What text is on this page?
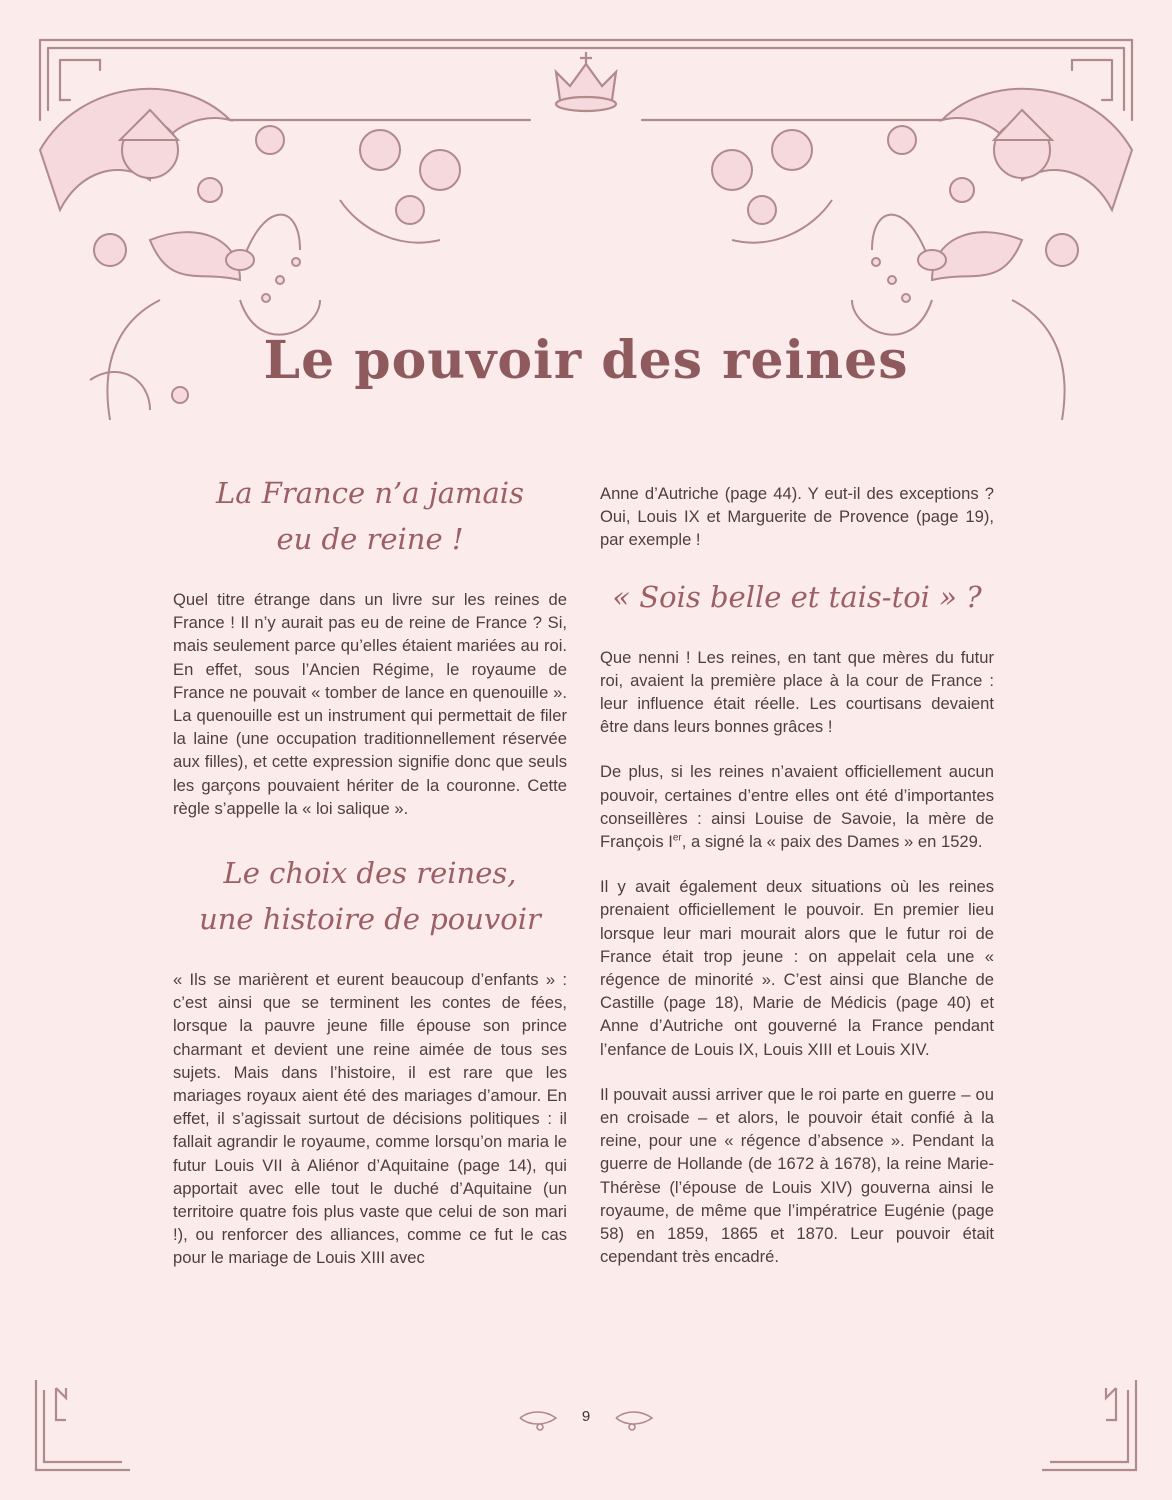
Le pouvoir des reines
La France n’a jamais
eu de reine !

Quel titre étrange dans un livre sur les reines de France ! Il n’y aurait pas eu de reine de France ? Si, mais seulement parce qu’elles étaient mariées au roi. En effet, sous l’Ancien Régime, le royaume de France ne pouvait « tomber de lance en quenouille ». La quenouille est un instrument qui permettait de filer la laine (une occupation traditionnellement réservée aux filles), et cette expression signifie donc que seuls les garçons pouvaient hériter de la couronne. Cette règle s’appelle la « loi salique ».

Le choix des reines,
une histoire de pouvoir

« Ils se marièrent et eurent beaucoup d’enfants » : c’est ainsi que se terminent les contes de fées, lorsque la pauvre jeune fille épouse son prince charmant et devient une reine aimée de tous ses sujets. Mais dans l’histoire, il est rare que les mariages royaux aient été des mariages d’amour. En effet, il s’agissait surtout de décisions politiques : il fallait agrandir le royaume, comme lorsqu’on maria le futur Louis VII à Aliénor d’Aquitaine (page 14), qui apportait avec elle tout le duché d’Aquitaine (un territoire quatre fois plus vaste que celui de son mari !), ou renforcer des alliances, comme ce fut le cas pour le mariage de Louis XIII avec

Anne d’Autriche (page 44). Y eut-il des exceptions ? Oui, Louis IX et Marguerite de Provence (page 19), par exemple !

« Sois belle et tais-toi » ?

Que nenni ! Les reines, en tant que mères du futur roi, avaient la première place à la cour de France : leur influence était réelle. Les courtisans devaient être dans leurs bonnes grâces !

De plus, si les reines n’avaient officiellement aucun pouvoir, certaines d’entre elles ont été d’importantes conseillères : ainsi Louise de Savoie, la mère de François Ier, a signé la « paix des Dames » en 1529.

Il y avait également deux situations où les reines prenaient officiellement le pouvoir. En premier lieu lorsque leur mari mourait alors que le futur roi de France était trop jeune : on appelait cela une « régence de minorité ». C’est ainsi que Blanche de Castille (page 18), Marie de Médicis (page 40) et Anne d’Autriche ont gouverné la France pendant l’enfance de Louis IX, Louis XIII et Louis XIV.

Il pouvait aussi arriver que le roi parte en guerre – ou en croisade – et alors, le pouvoir était confié à la reine, pour une « régence d’absence ». Pendant la guerre de Hollande (de 1672 à 1678), la reine Marie-Thérèse (l’épouse de Louis XIV) gouverna ainsi le royaume, de même que l’impératrice Eugénie (page 58) en 1859, 1865 et 1870. Leur pouvoir était cependant très encadré.

9
